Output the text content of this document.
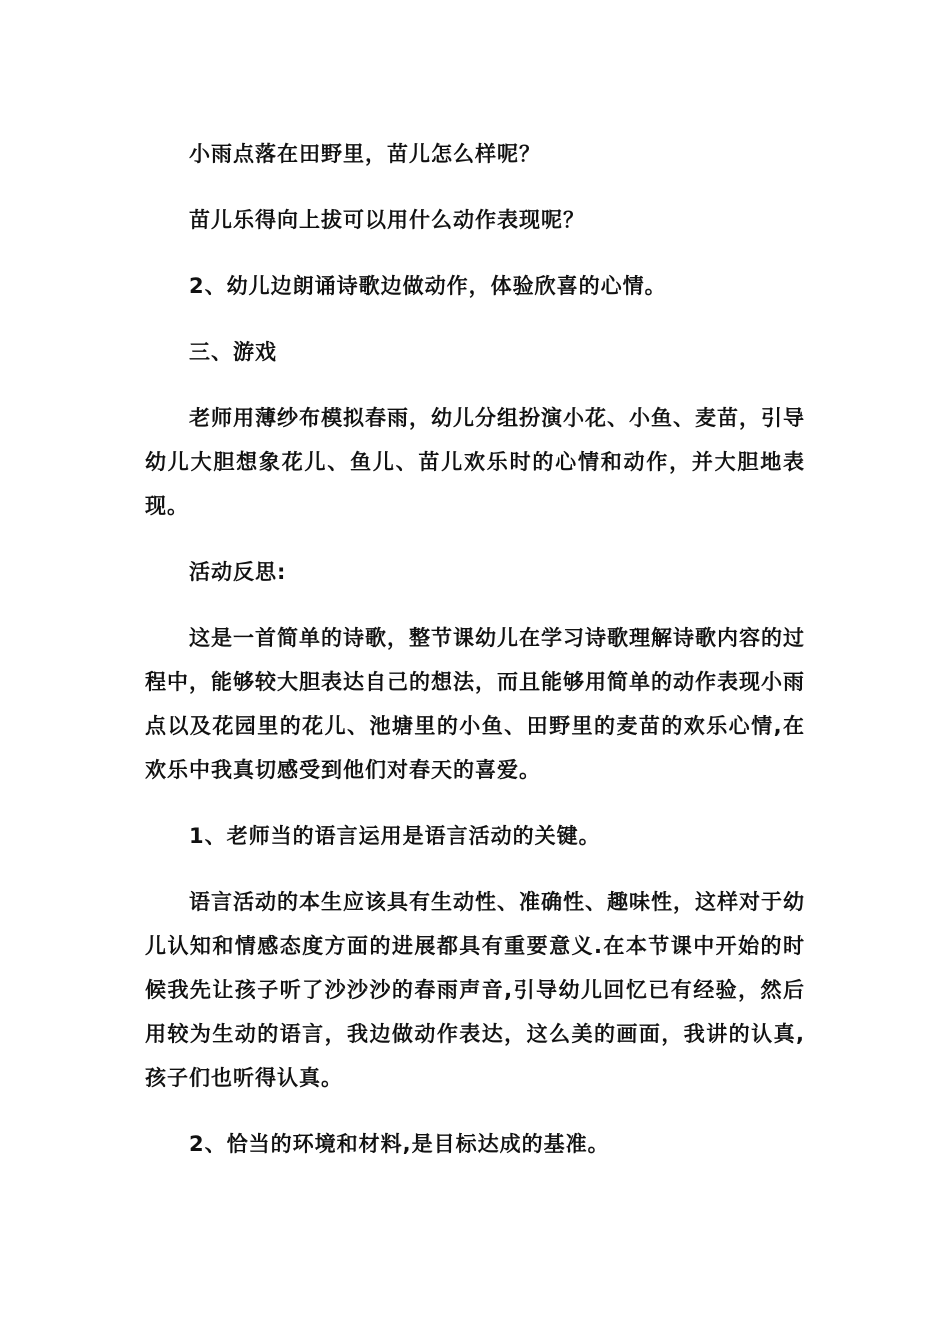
小雨点落在田野里，苗儿怎么样呢？

苗儿乐得向上拔可以用什么动作表现呢？

2、幼儿边朗诵诗歌边做动作，体验欣喜的心情。

三、游戏

老师用薄纱布模拟春雨，幼儿分组扮演小花、小鱼、麦苗，引导幼儿大胆想象花儿、鱼儿、苗儿欢乐时的心情和动作，并大胆地表现。

活动反思:

这是一首简单的诗歌，整节课幼儿在学习诗歌理解诗歌内容的过程中，能够较大胆表达自己的想法，而且能够用简单的动作表现小雨点以及花园里的花儿、池塘里的小鱼、田野里的麦苗的欢乐心情,在欢乐中我真切感受到他们对春天的喜爱。

1、老师当的语言运用是语言活动的关键。

语言活动的本生应该具有生动性、准确性、趣味性，这样对于幼儿认知和情感态度方面的进展都具有重要意义.在本节课中开始的时候我先让孩子听了沙沙沙的春雨声音,引导幼儿回忆已有经验，然后用较为生动的语言，我边做动作表达，这么美的画面，我讲的认真,孩子们也听得认真。

2、恰当的环境和材料,是目标达成的基准。
